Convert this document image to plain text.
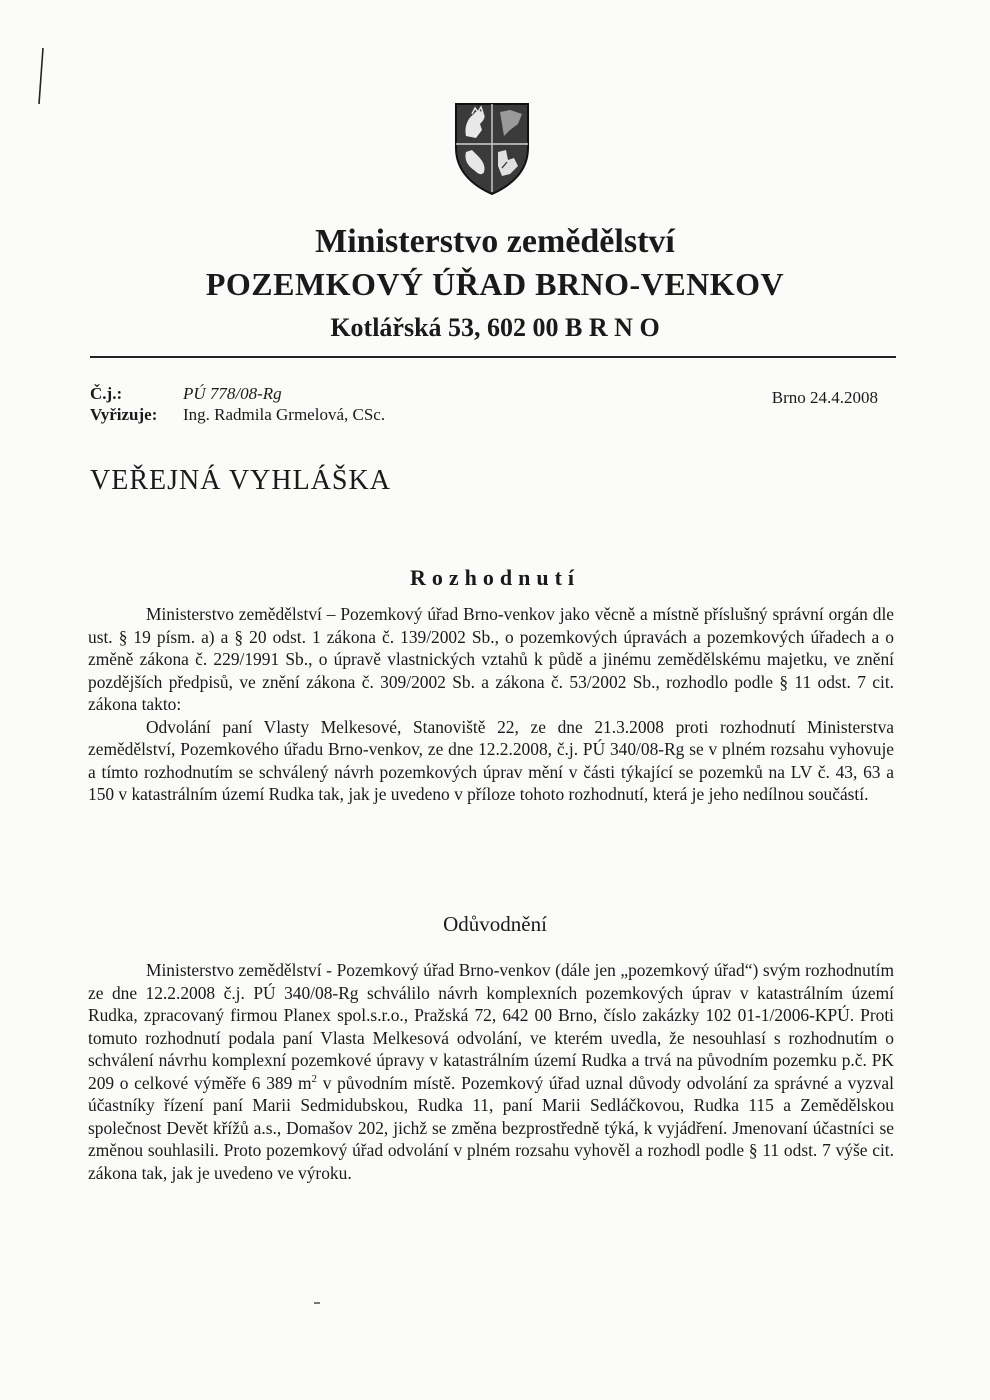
Ministerstvo zemědělství
POZEMKOVÝ ÚŘAD BRNO-VENKOV
Kotlářská 53, 602 00 B R N O
Č.j.:	PÚ 778/08-Rg
Vyřizuje:	Ing. Radmila Grmelová, CSc.
Brno 24.4.2008
VEŘEJNÁ VYHLÁŠKA
Rozhodnutí

Ministerstvo zemědělství – Pozemkový úřad Brno-venkov jako věcně a místně příslušný správní orgán dle ust. § 19 písm. a) a § 20 odst. 1 zákona č. 139/2002 Sb., o pozemkových úpravách a pozemkových úřadech a o změně zákona č. 229/1991 Sb., o úpravě vlastnických vztahů k půdě a jinému zemědělskému majetku, ve znění pozdějších předpisů, ve znění zákona č. 309/2002 Sb. a zákona č. 53/2002 Sb., rozhodlo podle § 11 odst. 7 cit. zákona takto:

Odvolání paní Vlasty Melkesové, Stanoviště 22, ze dne 21.3.2008 proti rozhodnutí Ministerstva zemědělství, Pozemkového úřadu Brno-venkov, ze dne 12.2.2008, č.j. PÚ 340/08-Rg se v plném rozsahu vyhovuje a tímto rozhodnutím se schválený návrh pozemkových úprav mění v části týkající se pozemků na LV č. 43, 63 a 150 v katastrálním území Rudka tak, jak je uvedeno v příloze tohoto rozhodnutí, která je jeho nedílnou součástí.

Odůvodnění

Ministerstvo zemědělství - Pozemkový úřad Brno-venkov (dále jen „pozemkový úřad“) svým rozhodnutím ze dne 12.2.2008 č.j. PÚ 340/08-Rg schválilo návrh komplexních pozemkových úprav v katastrálním území Rudka, zpracovaný firmou Planex spol.s.r.o., Pražská 72, 642 00 Brno, číslo zakázky 102 01-1/2006-KPÚ. Proti tomuto rozhodnutí podala paní Vlasta Melkesová odvolání, ve kterém uvedla, že nesouhlasí s rozhodnutím o schválení návrhu komplexní pozemkové úpravy v katastrálním území Rudka a trvá na původním pozemku p.č. PK 209 o celkové výměře 6 389 $m^2$ v původním místě. Pozemkový úřad uznal důvody odvolání za správné a vyzval účastníky řízení paní Marii Sedmidubskou, Rudka 11, paní Marii Sedláčkovou, Rudka 115 a Zemědělskou společnost Devět křížů a.s., Domašov 202, jichž se změna bezprostředně týká, k vyjádření. Jmenovaní účastníci se změnou souhlasili. Proto pozemkový úřad odvolání v plném rozsahu vyhověl a rozhodl podle § 11 odst. 7 výše cit. zákona tak, jak je uvedeno ve výroku.
